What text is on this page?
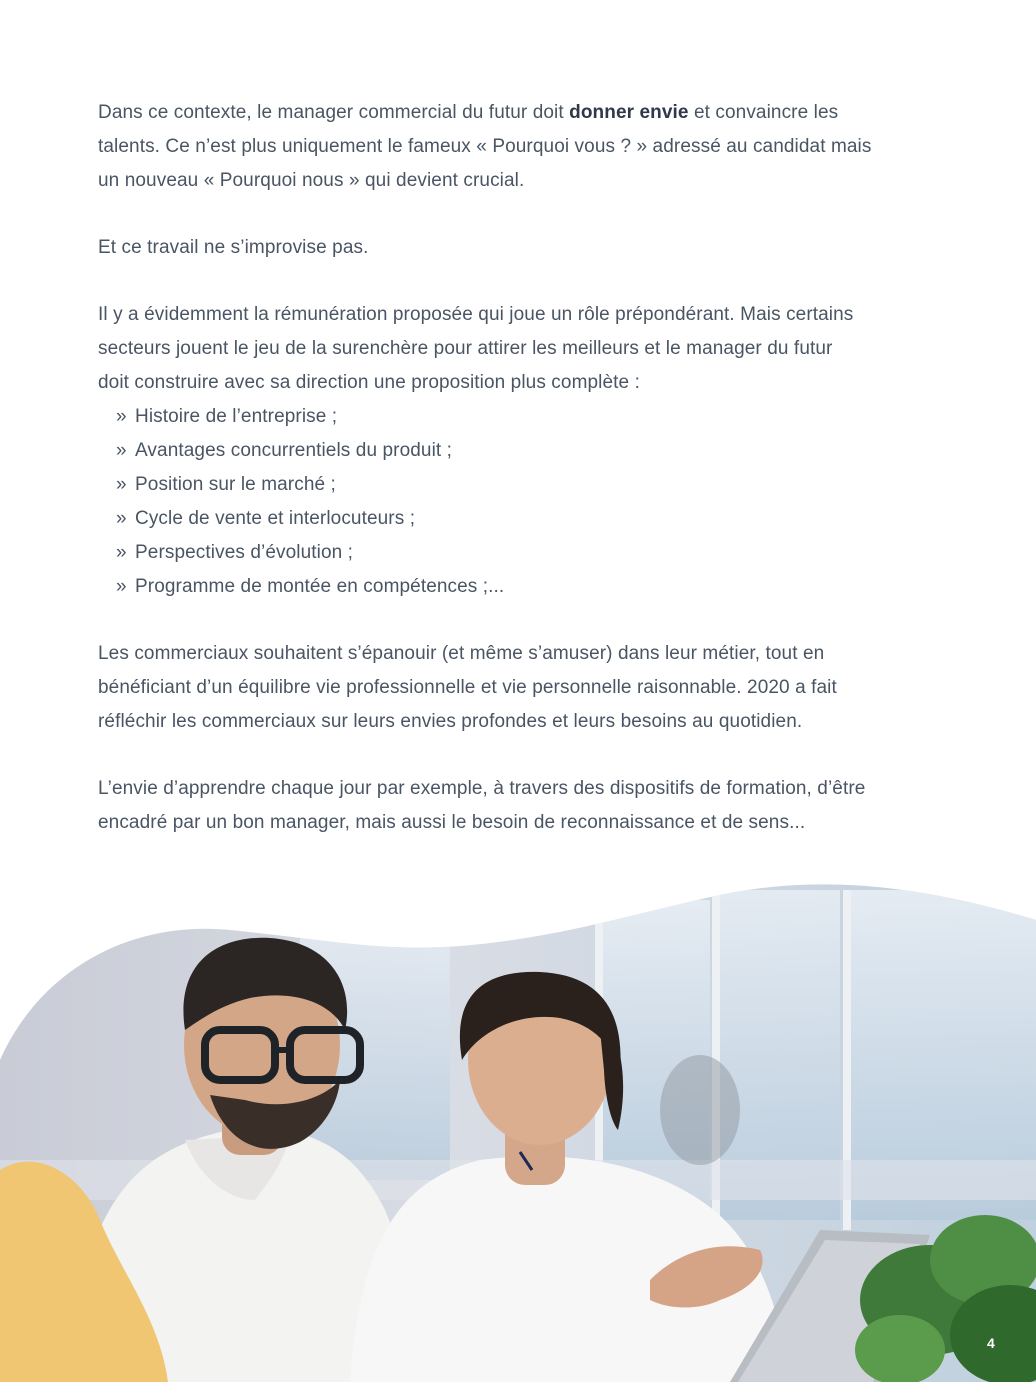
Dans ce contexte, le manager commercial du futur doit donner envie et convaincre les
talents. Ce n’est plus uniquement le fameux « Pourquoi vous ? » adressé au candidat mais
un nouveau « Pourquoi nous » qui devient crucial.

Et ce travail ne s’improvise pas.

Il y a évidemment la rémunération proposée qui joue un rôle prépondérant. Mais certains
secteurs jouent le jeu de la surenchère pour attirer les meilleurs et le manager du futur
doit construire avec sa direction une proposition plus complète :

» Histoire de l’entreprise ;
» Avantages concurrentiels du produit ;
» Position sur le marché ;
» Cycle de vente et interlocuteurs ;
» Perspectives d’évolution ;
» Programme de montée en compétences ;...

Les commerciaux souhaitent s’épanouir (et même s’amuser) dans leur métier, tout en
bénéficiant d’un équilibre vie professionnelle et vie personnelle raisonnable. 2020 a fait
réfléchir les commerciaux sur leurs envies profondes et leurs besoins au quotidien.

L’envie d’apprendre chaque jour par exemple, à travers des dispositifs de formation, d’être
encadré par un bon manager, mais aussi le besoin de reconnaissance et de sens...

4
